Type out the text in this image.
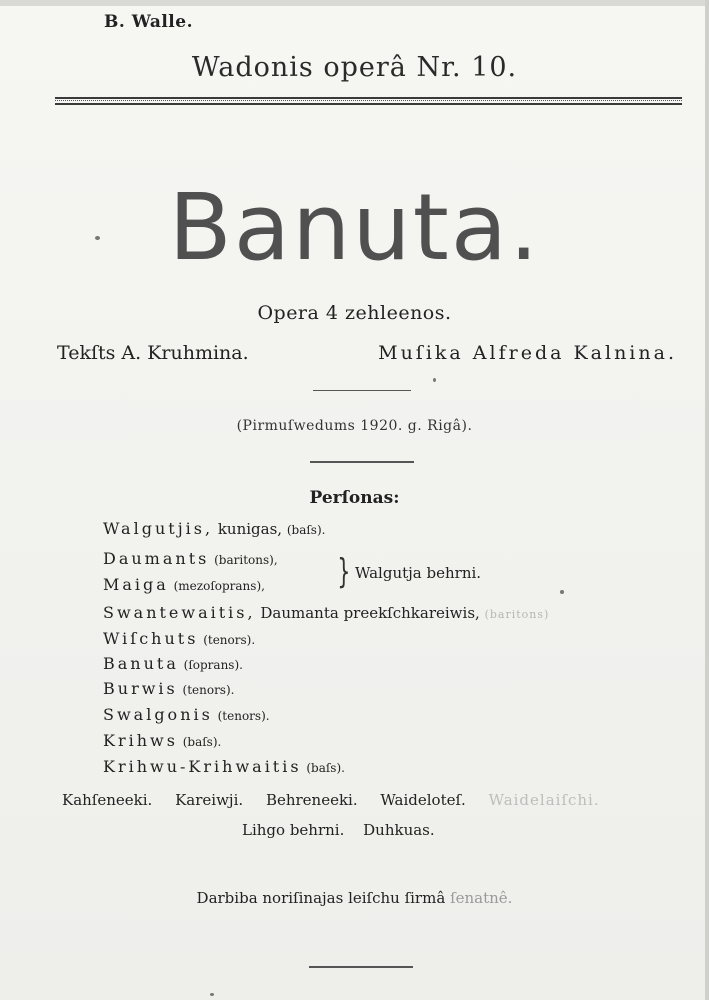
B. Walle.
Wadonis operâ Nr. 10.
Banuta.
Opera 4 zehleenos.
Tekſts A. Kruhmina.	Muſika Alfreda Kalnina.
(Pirmuſwedums 1920. g. Rigâ).
Perſonas:
Walgutjis, kunigas, (baſs).
Daumants (baritons),
Maiga (mezoſoprans), } Walgutja behrni.
Swantewaitis, Daumanta preekſchkareiwis, (baritons)
Wiſchuts (tenors).
Banuta (ſoprans).
Burwis (tenors).
Swalgonis (tenors).
Krihws (baſs).
Krihwu-Krihwaitis (baſs).
Kahſeneeki. Kareiwji. Behreneeki. Waideloteſ. Waidelaiſchi.
Lihgo behrni. Duhkuas.
Darbiba noriſinajas leiſchu ſirmâ ſenatnê.
